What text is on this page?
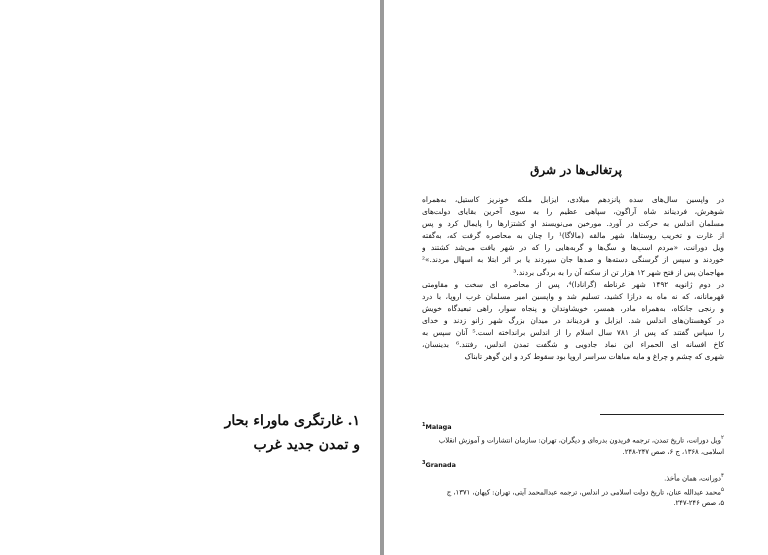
۱. غارتگری ماوراء بحار
و تمدن جدید غرب
پرتغالی‌ها در شرق
در واپسین سال‌های سده پانزدهم میلادی، ایزابل ملکه خونریز کاستیل، به‌همراه
شوهرش، فردیناند شاه آراگون، سپاهی عظیم را به سوی آخرین بقایای دولت‌های
مسلمان اندلس به حرکت در آورد. مورخین می‌نویسند او کشتزارها را پایمال کرد و پس
از غارت و تخریب روستاها، شهر مالقه (مالاگا)¹ را چنان به محاصره گرفت که، به‌گفته
ویل دورانت، «مردم اسب‌ها و سگ‌ها و گربه‌هایی را که در شهر یافت می‌شد کشتند و
خوردند و سپس از گرسنگی دسته‌ها و صدها جان سپردند یا بر اثر ابتلا به اسهال مردند.»²
مهاجمان پس از فتح شهر ۱۲ هزار تن از سکنه آن را به بردگی بردند.³
در دوم ژانویه ۱۴۹۲ شهر غرناطه (گرانادا)⁴، پس از محاصره ای سخت و مقاومتی
قهرمانانه، که نه ماه به درازا کشید، تسلیم شد و واپسین امیر مسلمان غرب اروپا، با درد
و رنجی جانکاه، به‌همراه مادر، همسر، خویشاوندان و پنجاه سوار، راهی تبعیدگاه خویش
در کوهستان‌های اندلس شد. ایزابل و فردیناند در میدان بزرگ شهر زانو زدند و خدای
را سپاس گفتند که پس از ۷۸۱ سال اسلام را از اندلس برانداخته است.⁵ آنان سپس به
کاخ افسانه ای الحمراء این نماد جادویی و شگفت تمدن اندلس، رفتند.⁶ بدینسان،
شهری که چشم و چراغ و مایه مباهات سراسر اروپا بود سقوط کرد و این گوهر تابناک
$^1$Malaga
$^۲$ویل دورانت، تاریخ تمدن، ترجمه فریدون بدره‌ای و دیگران، تهران: سازمان انتشارات و آموزش انقلاب
اسلامی، ۱۳۶۸، ج ۶، صص ۲۴۷-۲۴۸.
$^3$Granada
$^۴$دورانت، همان مأخذ.
$^۵$محمد عبدالله عنان، تاریخ دولت اسلامی در اندلس، ترجمه عبدالمحمد آیتی، تهران: کیهان، ۱۳۷۱، ج
۵، صص ۲۴۶-۲۴۷.
